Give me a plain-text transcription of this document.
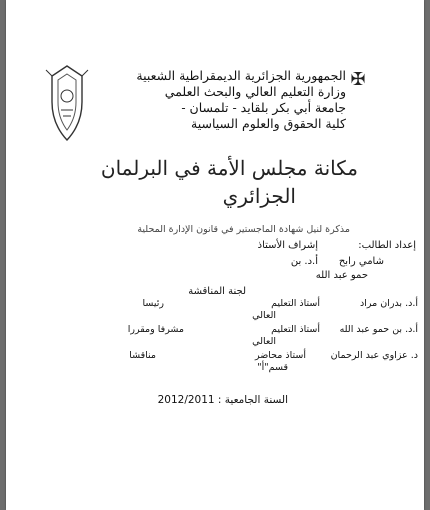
✠
الجمهورية الجزائرية الديمقراطية الشعبية
وزارة التعليم العالي والبحث العلمي
جامعة أبي بكر بلقايد - تلمسان -
كلية الحقوق والعلوم السياسية
مكانة مجلس الأمة في البرلمان
الجزائري
مذكرة لنيل شهادة الماجستير في قانون الإدارة المحلية
إعداد الطالب:
إشراف الأستاذ
شامي رابح
أ.د. بن
حمو عبد الله
لجنة المناقشة
أ.د. بدران مراد
أستاذ التعليم
العالي
رئيسا
أ.د. بن حمو عبد الله
أستاذ التعليم
العالي
مشرفا ومقررا
د. عزاوي عبد الرحمان
أستاذ محاضر
قسم"أ"
مناقشا
السنة الجامعية : 2012/2011
